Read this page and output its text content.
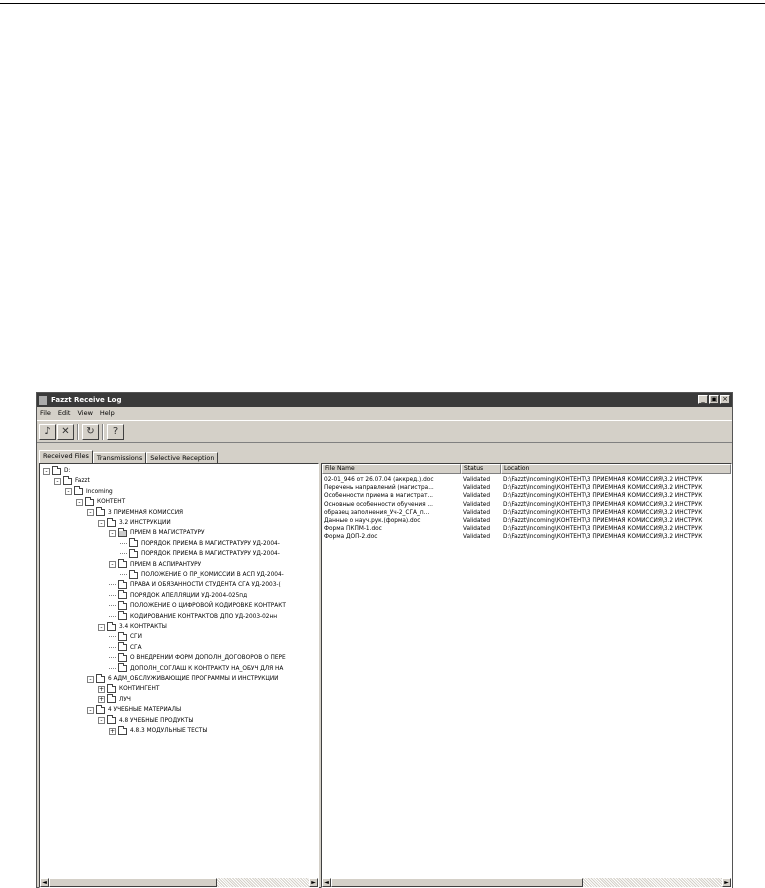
Fazzt Receive Log	_ ▣ ×
File Edit View Help
♪	✕	↻	?
Received Files	Transmissions	Selective Reception
◄	►
-	D:
-	Fazzt
-	Incoming
-	КОНТЕНТ
-	3 ПРИЕМНАЯ КОМИССИЯ
-	3.2 ИНСТРУКЦИИ
-	ПРИЕМ В МАГИСТРАТУРУ
ПОРЯДОК ПРИЕМА В МАГИСТРАТУРУ УД-2004-
ПОРЯДОК ПРИЕМА В МАГИСТРАТУРУ УД-2004-
-	ПРИЕМ В АСПИРАНТУРУ
ПОЛОЖЕНИЕ О ПР_КОМИССИИ В АСП УД-2004-
ПРАВА И ОБЯЗАННОСТИ СТУДЕНТА СГА УД-2003-(
ПОРЯДОК АПЕЛЛЯЦИИ УД-2004-025пд
ПОЛОЖЕНИЕ О ЦИФРОВОЙ КОДИРОВКЕ КОНТРАКТ
КОДИРОВАНИЕ КОНТРАКТОВ ДПО УД-2003-02нн
-	3.4 КОНТРАКТЫ
СГИ
СГА
О ВНЕДРЕНИИ ФОРМ ДОПОЛН_ДОГОВОРОВ О ПЕРЕ
ДОПОЛН_СОГЛАШ К КОНТРАКТУ НА_ОБУЧ ДЛЯ НА
-	6 АДМ_ОБСЛУЖИВАЮЩИЕ ПРОГРАММЫ И ИНСТРУКЦИИ
+	КОНТИНГЕНТ
+	ЛУЧ
-	4 УЧЕБНЫЕ МАТЕРИАЛЫ
-	4.8 УЧЕБНЫЕ ПРОДУКТЫ
+	4.8.3 МОДУЛЬНЫЕ ТЕСТЫ
File Name	Status	Location
◄	►
02-01_946 от 26.07.04 (аккред.).doc	Validated	D:\Fazzt\Incoming\КОНТЕНТ\3 ПРИЕМНАЯ КОМИССИЯ\3.2 ИНСТРУК
Перечень направлений (магистра...	Validated	D:\Fazzt\Incoming\КОНТЕНТ\3 ПРИЕМНАЯ КОМИССИЯ\3.2 ИНСТРУК
Особенности приема в магистрат...	Validated	D:\Fazzt\Incoming\КОНТЕНТ\3 ПРИЕМНАЯ КОМИССИЯ\3.2 ИНСТРУК
Основные особенности обучения ...	Validated	D:\Fazzt\Incoming\КОНТЕНТ\3 ПРИЕМНАЯ КОМИССИЯ\3.2 ИНСТРУК
образец заполнения_Уч-2_СГА_п...	Validated	D:\Fazzt\Incoming\КОНТЕНТ\3 ПРИЕМНАЯ КОМИССИЯ\3.2 ИНСТРУК
Данные о науч.рук.(форма).doc	Validated	D:\Fazzt\Incoming\КОНТЕНТ\3 ПРИЕМНАЯ КОМИССИЯ\3.2 ИНСТРУК
Форма ПКПМ-1.doc	Validated	D:\Fazzt\Incoming\КОНТЕНТ\3 ПРИЕМНАЯ КОМИССИЯ\3.2 ИНСТРУК
Форма ДОП-2.doc	Validated	D:\Fazzt\Incoming\КОНТЕНТ\3 ПРИЕМНАЯ КОМИССИЯ\3.2 ИНСТРУК
